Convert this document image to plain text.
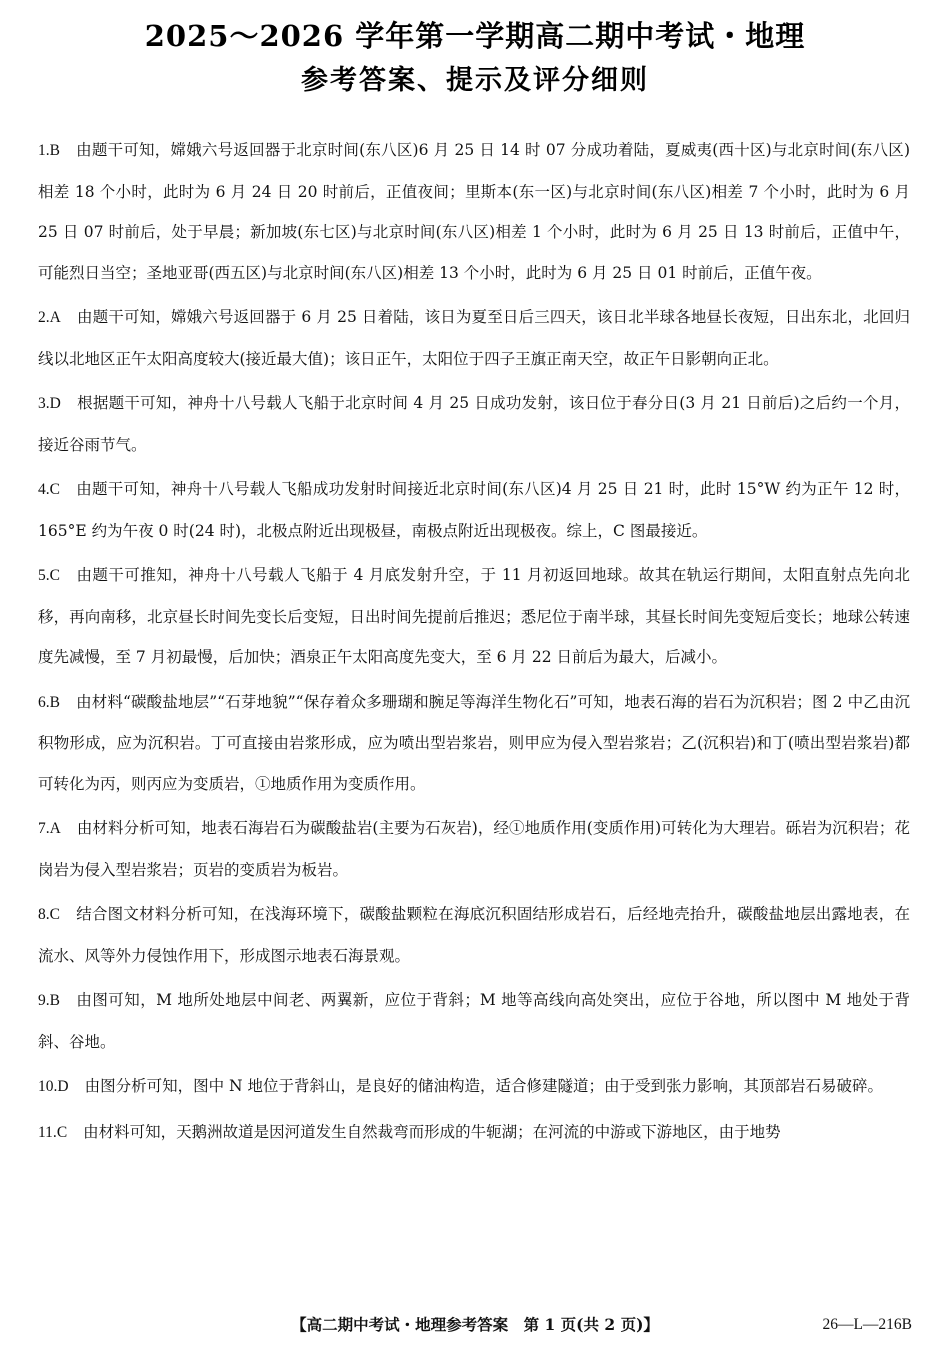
2025～2026 学年第一学期高二期中考试・地理
参考答案、提示及评分细则

1.B 由题干可知，嫦娥六号返回器于北京时间(东八区)6 月 25 日 14 时 07 分成功着陆，夏威夷(西十区)与北京时间(东八区)相差 18 个小时，此时为 6 月 24 日 20 时前后，正值夜间；里斯本(东一区)与北京时间(东八区)相差 7 个小时，此时为 6 月 25 日 07 时前后，处于早晨；新加坡(东七区)与北京时间(东八区)相差 1 个小时，此时为 6 月 25 日 13 时前后，正值中午，可能烈日当空；圣地亚哥(西五区)与北京时间(东八区)相差 13 个小时，此时为 6 月 25 日 01 时前后，正值午夜。

2.A 由题干可知，嫦娥六号返回器于 6 月 25 日着陆，该日为夏至日后三四天，该日北半球各地昼长夜短，日出东北，北回归线以北地区正午太阳高度较大(接近最大值)；该日正午，太阳位于四子王旗正南天空，故正午日影朝向正北。

3.D 根据题干可知，神舟十八号载人飞船于北京时间 4 月 25 日成功发射，该日位于春分日(3 月 21 日前后)之后约一个月，接近谷雨节气。

4.C 由题干可知，神舟十八号载人飞船成功发射时间接近北京时间(东八区)4 月 25 日 21 时，此时 15°W 约为正午 12 时，165°E 约为午夜 0 时(24 时)，北极点附近出现极昼，南极点附近出现极夜。综上，C 图最接近。

5.C 由题干可推知，神舟十八号载人飞船于 4 月底发射升空，于 11 月初返回地球。故其在轨运行期间，太阳直射点先向北移，再向南移，北京昼长时间先变长后变短，日出时间先提前后推迟；悉尼位于南半球，其昼长时间先变短后变长；地球公转速度先减慢，至 7 月初最慢，后加快；酒泉正午太阳高度先变大，至 6 月 22 日前后为最大，后减小。

6.B 由材料“碳酸盐地层”“石芽地貌”“保存着众多珊瑚和腕足等海洋生物化石”可知，地表石海的岩石为沉积岩；图 2 中乙由沉积物形成，应为沉积岩。丁可直接由岩浆形成，应为喷出型岩浆岩，则甲应为侵入型岩浆岩；乙(沉积岩)和丁(喷出型岩浆岩)都可转化为丙，则丙应为变质岩，①地质作用为变质作用。

7.A 由材料分析可知，地表石海岩石为碳酸盐岩(主要为石灰岩)，经①地质作用(变质作用)可转化为大理岩。砾岩为沉积岩；花岗岩为侵入型岩浆岩；页岩的变质岩为板岩。

8.C 结合图文材料分析可知，在浅海环境下，碳酸盐颗粒在海底沉积固结形成岩石，后经地壳抬升，碳酸盐地层出露地表，在流水、风等外力侵蚀作用下，形成图示地表石海景观。

9.B 由图可知，M 地所处地层中间老、两翼新，应位于背斜；M 地等高线向高处突出，应位于谷地，所以图中 M 地处于背斜、谷地。

10.D 由图分析可知，图中 N 地位于背斜山，是良好的储油构造，适合修建隧道；由于受到张力影响，其顶部岩石易破碎。

11.C 由材料可知，天鹅洲故道是因河道发生自然裁弯而形成的牛轭湖；在河流的中游或下游地区，由于地势

【高二期中考试・地理参考答案　第 1 页(共 2 页)】	26—L—216B
